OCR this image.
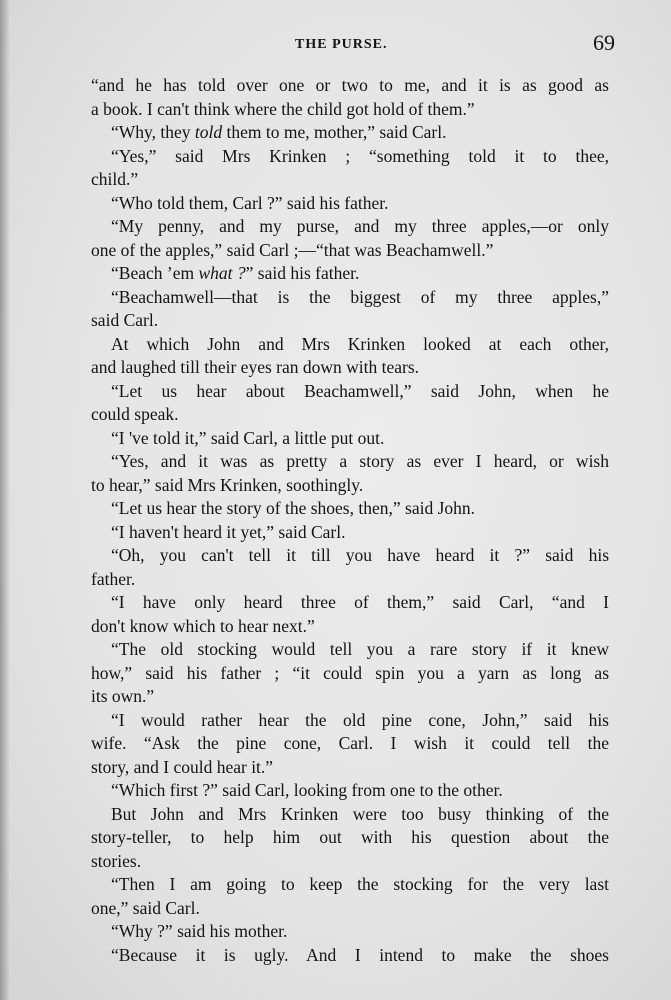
THE PURSE.	69
“and he has told over one or two to me, and it is as good as
a book. I can't think where the child got hold of them.”
“Why, they told them to me, mother,” said Carl.
“Yes,” said Mrs Krinken ; “something told it to thee,
child.”
“Who told them, Carl ?” said his father.
“My penny, and my purse, and my three apples,—or only
one of the apples,” said Carl ;—“that was Beachamwell.”
“Beach ’em what ?” said his father.
“Beachamwell—that is the biggest of my three apples,”
said Carl.
At which John and Mrs Krinken looked at each other,
and laughed till their eyes ran down with tears.
“Let us hear about Beachamwell,” said John, when he
could speak.
“I 've told it,” said Carl, a little put out.
“Yes, and it was as pretty a story as ever I heard, or wish
to hear,” said Mrs Krinken, soothingly.
“Let us hear the story of the shoes, then,” said John.
“I haven't heard it yet,” said Carl.
“Oh, you can't tell it till you have heard it ?” said his
father.
“I have only heard three of them,” said Carl, “and I
don't know which to hear next.”
“The old stocking would tell you a rare story if it knew
how,” said his father ; “it could spin you a yarn as long as
its own.”
“I would rather hear the old pine cone, John,” said his
wife. “Ask the pine cone, Carl. I wish it could tell the
story, and I could hear it.”
“Which first ?” said Carl, looking from one to the other.
But John and Mrs Krinken were too busy thinking of the
story-teller, to help him out with his question about the
stories.
“Then I am going to keep the stocking for the very last
one,” said Carl.
“Why ?” said his mother.
“Because it is ugly. And I intend to make the shoes
